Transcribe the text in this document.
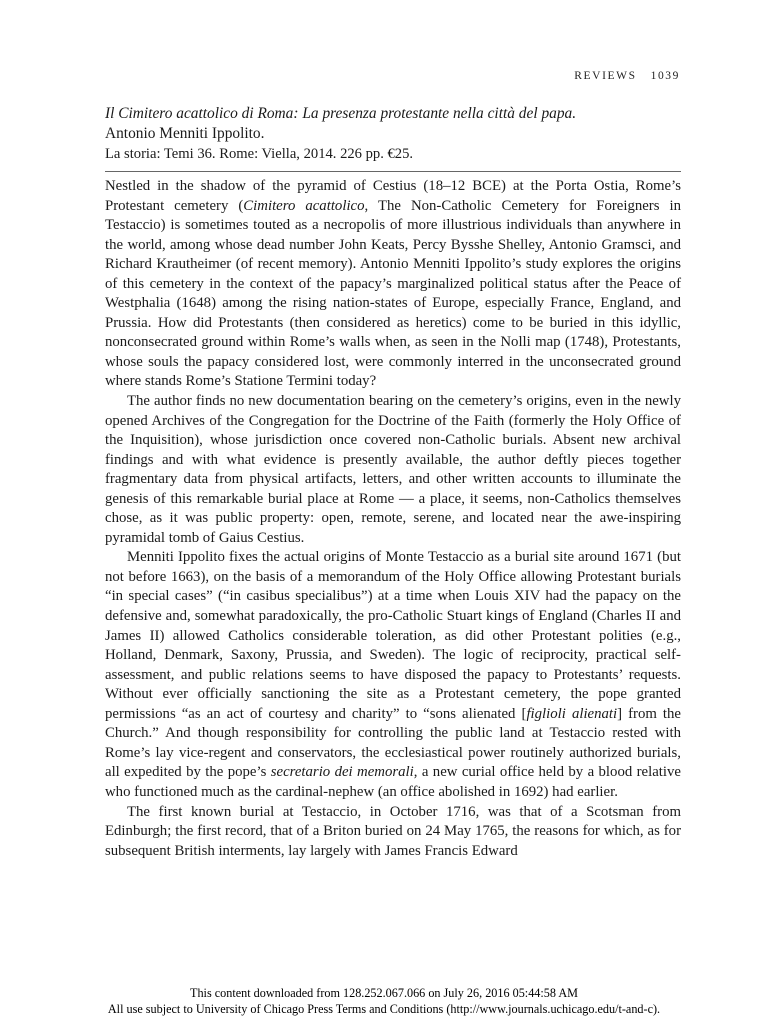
REVIEWS 1039
Il Cimitero acattolico di Roma: La presenza protestante nella città del papa.
Antonio Menniti Ippolito.
La storia: Temi 36. Rome: Viella, 2014. 226 pp. €25.

Nestled in the shadow of the pyramid of Cestius (18–12 BCE) at the Porta Ostia, Rome’s Protestant cemetery (Cimitero acattolico, The Non-Catholic Cemetery for Foreigners in Testaccio) is sometimes touted as a necropolis of more illustrious individuals than anywhere in the world, among whose dead number John Keats, Percy Bysshe Shelley, Antonio Gramsci, and Richard Krautheimer (of recent memory). Antonio Menniti Ippolito’s study explores the origins of this cemetery in the context of the papacy’s marginalized political status after the Peace of Westphalia (1648) among the rising nation-states of Europe, especially France, England, and Prussia. How did Protestants (then considered as heretics) come to be buried in this idyllic, nonconsecrated ground within Rome’s walls when, as seen in the Nolli map (1748), Protestants, whose souls the papacy considered lost, were commonly interred in the unconsecrated ground where stands Rome’s Statione Termini today?

The author finds no new documentation bearing on the cemetery’s origins, even in the newly opened Archives of the Congregation for the Doctrine of the Faith (formerly the Holy Office of the Inquisition), whose jurisdiction once covered non-Catholic burials. Absent new archival findings and with what evidence is presently available, the author deftly pieces together fragmentary data from physical artifacts, letters, and other written accounts to illuminate the genesis of this remarkable burial place at Rome — a place, it seems, non-Catholics themselves chose, as it was public property: open, remote, serene, and located near the awe-inspiring pyramidal tomb of Gaius Cestius.

Menniti Ippolito fixes the actual origins of Monte Testaccio as a burial site around 1671 (but not before 1663), on the basis of a memorandum of the Holy Office allowing Protestant burials “in special cases” (“in casibus specialibus”) at a time when Louis XIV had the papacy on the defensive and, somewhat paradoxically, the pro-Catholic Stuart kings of England (Charles II and James II) allowed Catholics considerable toleration, as did other Protestant polities (e.g., Holland, Denmark, Saxony, Prussia, and Sweden). The logic of reciprocity, practical self-assessment, and public relations seems to have disposed the papacy to Protestants’ requests. Without ever officially sanctioning the site as a Protestant cemetery, the pope granted permissions “as an act of courtesy and charity” to “sons alienated [figlioli alienati] from the Church.” And though responsibility for controlling the public land at Testaccio rested with Rome’s lay vice-regent and conservators, the ecclesiastical power routinely authorized burials, all expedited by the pope’s secretario dei memorali, a new curial office held by a blood relative who functioned much as the cardinal-nephew (an office abolished in 1692) had earlier.

The first known burial at Testaccio, in October 1716, was that of a Scotsman from Edinburgh; the first record, that of a Briton buried on 24 May 1765, the reasons for which, as for subsequent British interments, lay largely with James Francis Edward

This content downloaded from 128.252.067.066 on July 26, 2016 05:44:58 AM
All use subject to University of Chicago Press Terms and Conditions (http://www.journals.uchicago.edu/t-and-c).
